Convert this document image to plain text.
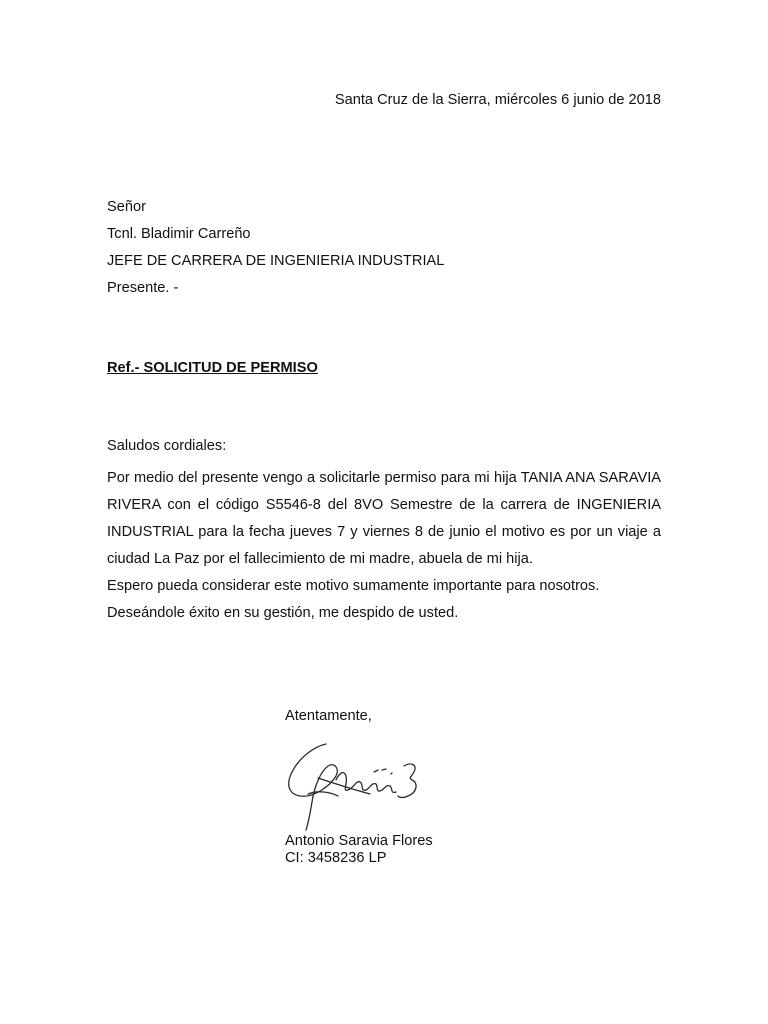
Santa Cruz de la Sierra, miércoles 6 junio de 2018
Señor
Tcnl. Bladimir Carreño
JEFE DE CARRERA DE INGENIERIA INDUSTRIAL
Presente. -
Ref.- SOLICITUD DE PERMISO
Saludos cordiales:

Por medio del presente vengo a solicitarle permiso para mi hija TANIA ANA SARAVIA RIVERA con el código S5546-8 del 8VO Semestre de la carrera de INGENIERIA INDUSTRIAL para la fecha jueves 7 y viernes 8 de junio el motivo es por un viaje a ciudad La Paz por el fallecimiento de mi madre, abuela de mi hija.

Espero pueda considerar este motivo sumamente importante para nosotros.

Deseándole éxito en su gestión, me despido de usted.

Atentamente,
Antonio Saravia Flores
CI: 3458236 LP
